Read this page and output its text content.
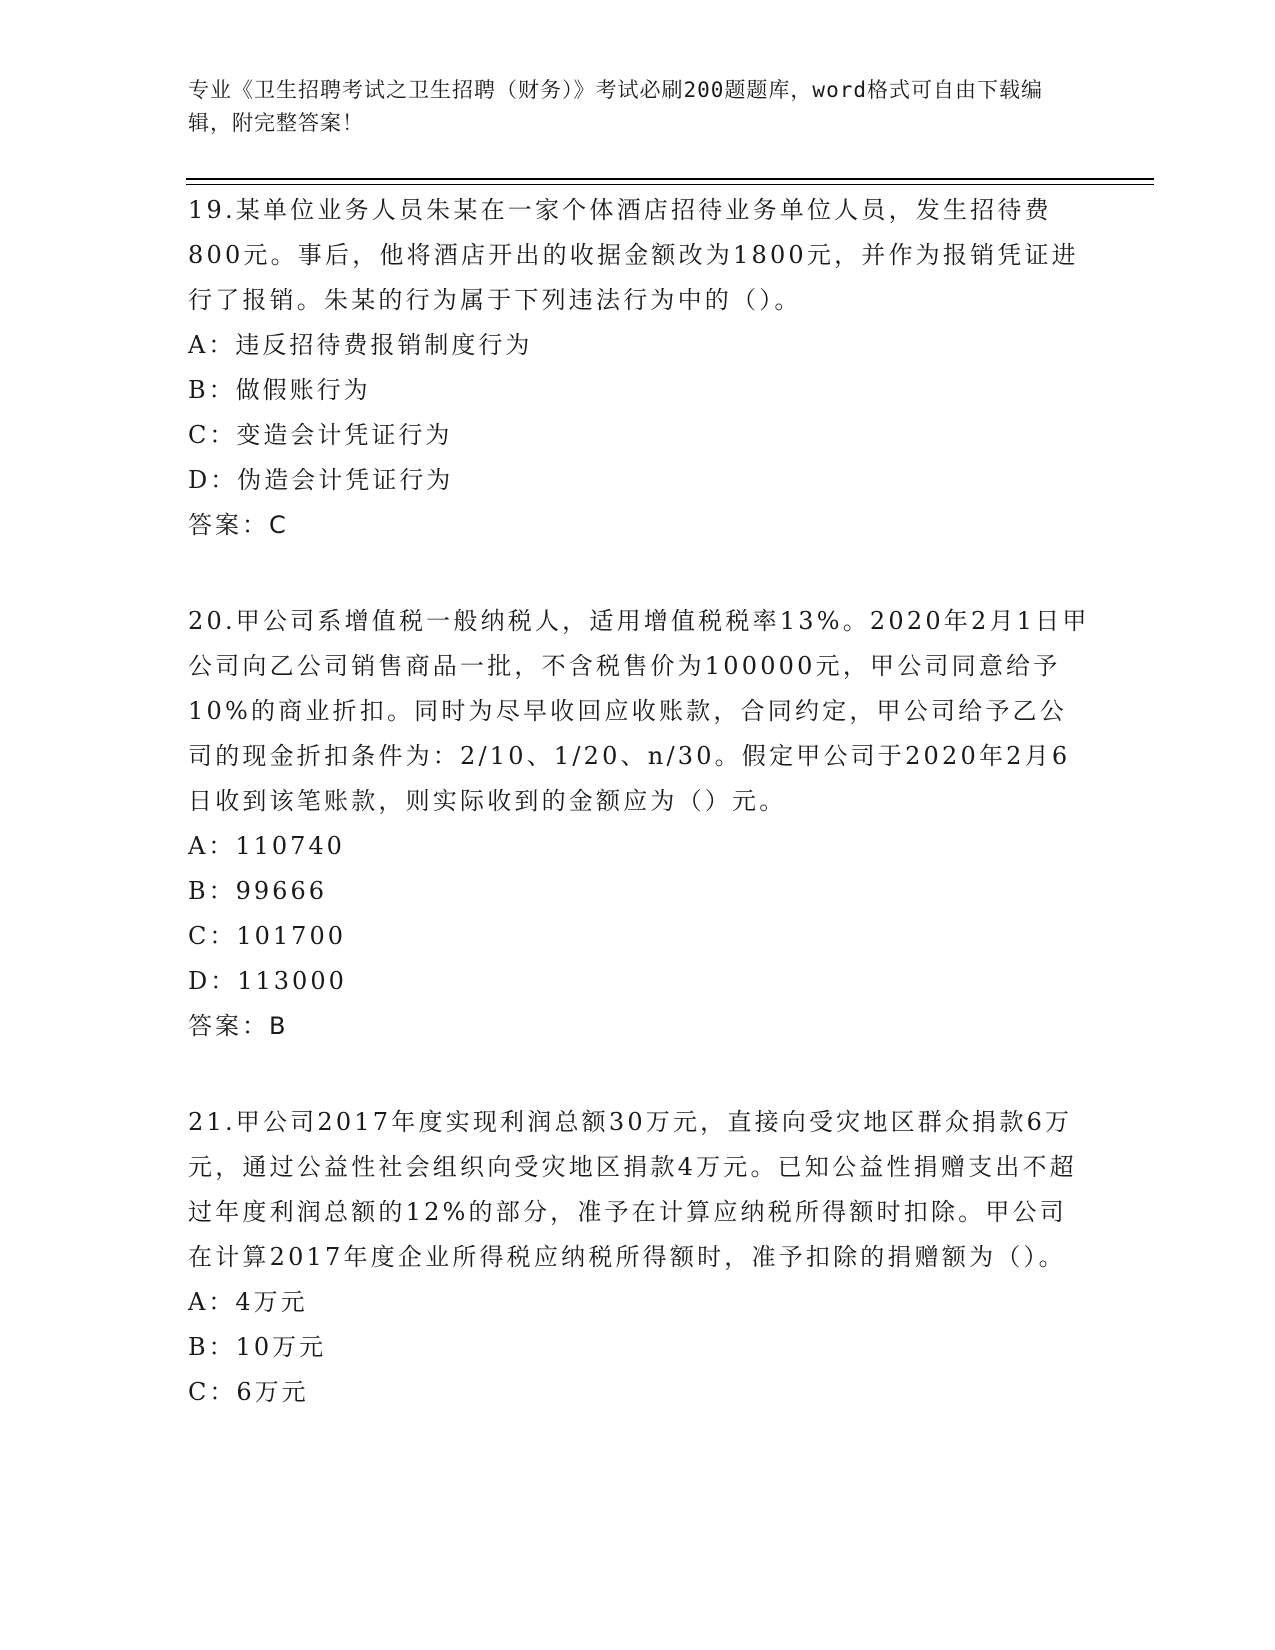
专业《卫生招聘考试之卫生招聘（财务）》考试必刷200题题库，word格式可自由下载编辑，附完整答案！

19.某单位业务人员朱某在一家个体酒店招待业务单位人员，发生招待费800元。事后，他将酒店开出的收据金额改为1800元，并作为报销凭证进行了报销。朱某的行为属于下列违法行为中的（）。

A：违反招待费报销制度行为
B：做假账行为
C：变造会计凭证行为
D：伪造会计凭证行为
答案：C

20.甲公司系增值税一般纳税人，适用增值税税率13%。2020年2月1日甲公司向乙公司销售商品一批，不含税售价为100000元，甲公司同意给予10%的商业折扣。同时为尽早收回应收账款，合同约定，甲公司给予乙公司的现金折扣条件为：2/10、1/20、n/30。假定甲公司于2020年2月6日收到该笔账款，则实际收到的金额应为（）元。

A：110740
B：99666
C：101700
D：113000
答案：B

21.甲公司2017年度实现利润总额30万元，直接向受灾地区群众捐款6万元，通过公益性社会组织向受灾地区捐款4万元。已知公益性捐赠支出不超过年度利润总额的12%的部分，准予在计算应纳税所得额时扣除。甲公司在计算2017年度企业所得税应纳税所得额时，准予扣除的捐赠额为（）。

A：4万元
B：10万元
C：6万元
